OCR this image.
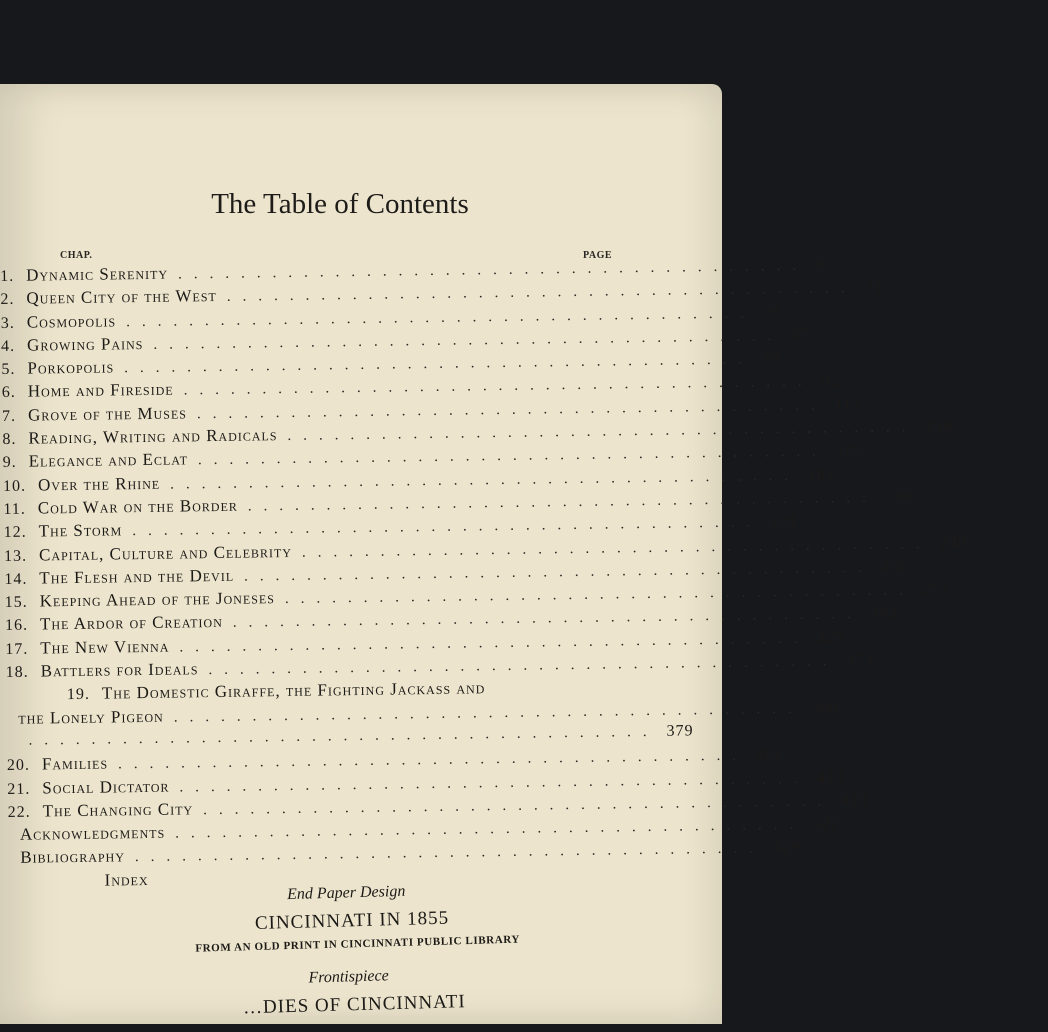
The Table of Contents
CHAP.	PAGE
1. Dynamic Serenity ........................................ 9
2. Queen City of the West ........................................ 21
3. Cosmopolis ........................................ 35
4. Growing Pains ........................................ 57
5. Porkopolis ........................................ 78
6. Home and Fireside ........................................ 92
7. Grove of the Muses ........................................ 112
8. Reading, Writing and Radicals ........................................ 139
9. Elegance and Eclat ........................................ 159
10. Over the Rhine ........................................ 181
11. Cold War on the Border ........................................ 206
12. The Storm ........................................ 224
13. Capital, Culture and Celebrity ........................................ 240
14. The Flesh and the Devil ........................................ 256
15. Keeping Ahead of the Joneses ........................................ 277
16. The Ardor of Creation ........................................ 303
17. The New Vienna ........................................ 325
18. Battlers for Ideals ........................................ 353
19. The Domestic Giraffe, the Fighting Jackass and
the Lonely Pigeon ........................................ 368
........................................ 379
20. Families ........................................ 401
21. Social Dictator ........................................ 413
22. The Changing City ........................................ 419
Acknowledgments ........................................ 422
Bibliography ........................................ 429
Index
End Paper Design
CINCINNATI IN 1855
FROM AN OLD PRINT IN CINCINNATI PUBLIC LIBRARY
Frontispiece
…DIES OF CINCINNATI
